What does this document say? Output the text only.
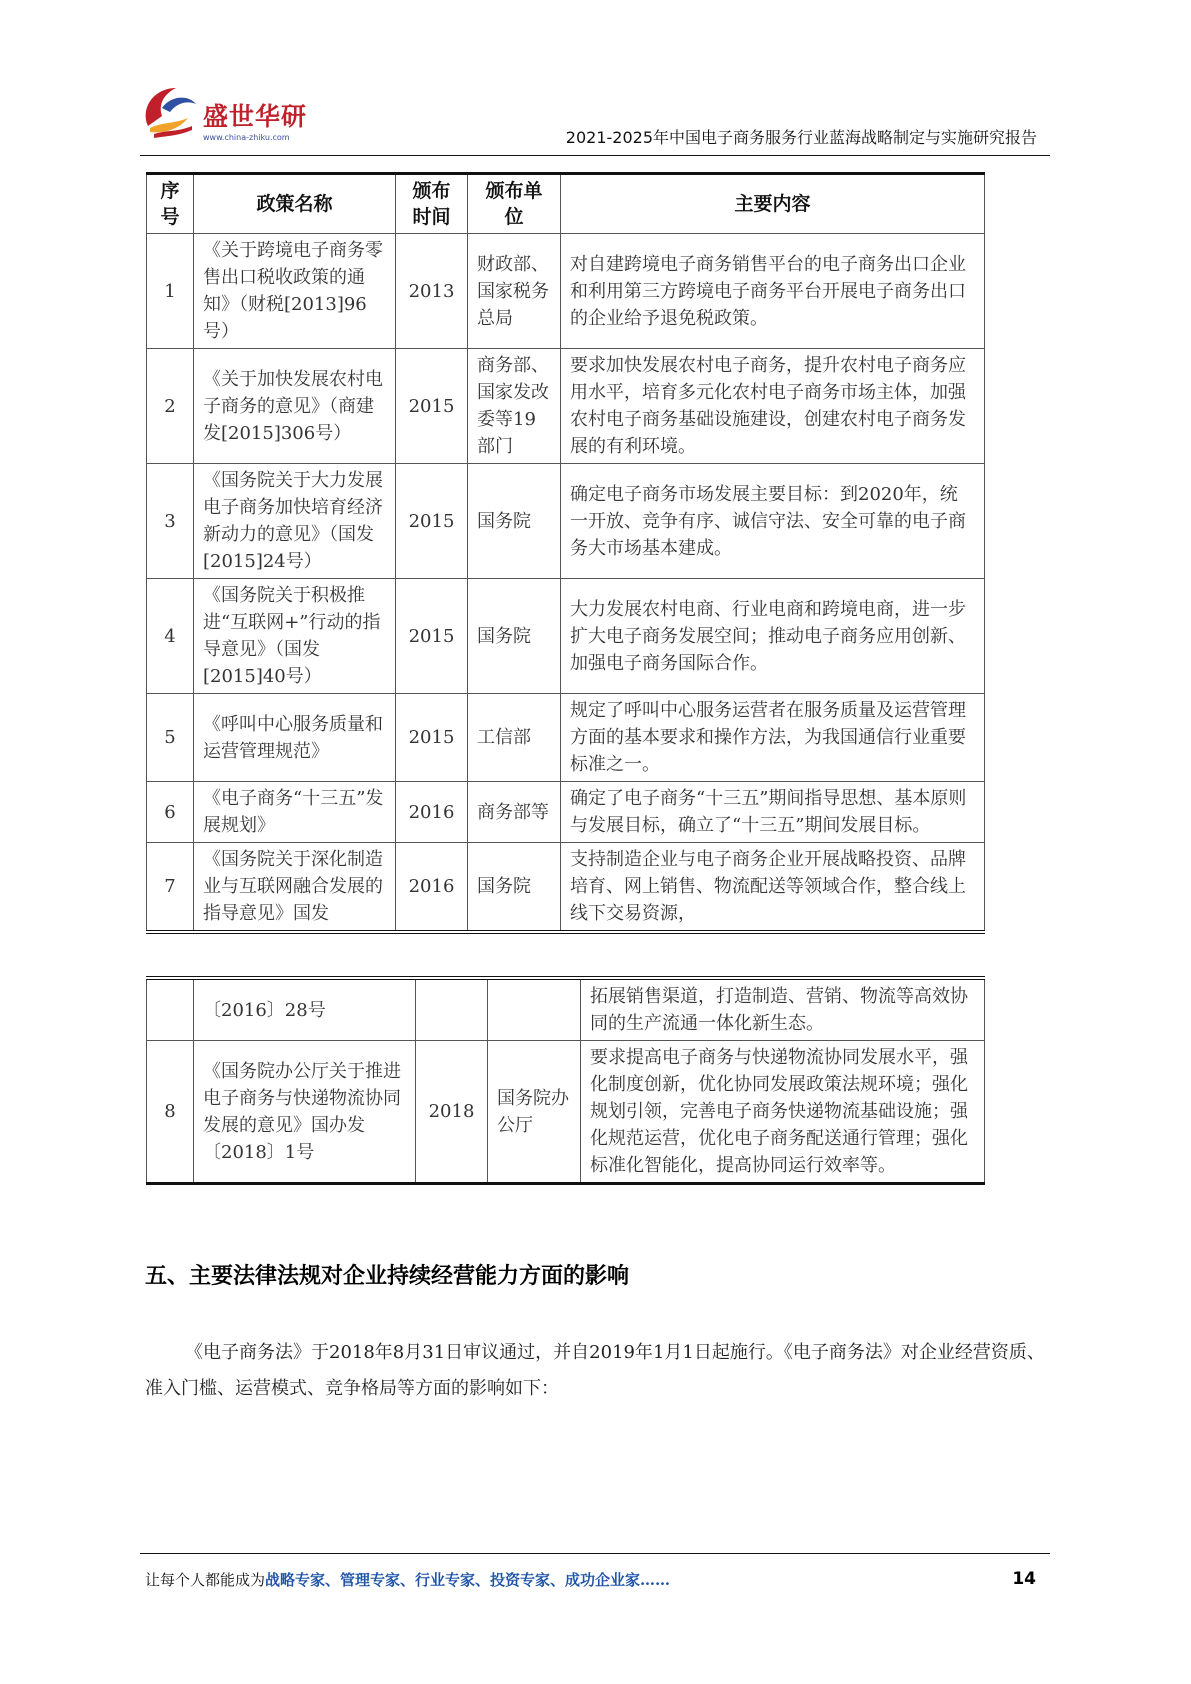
盛世华研
www.china-zhiku.com	2021-2025年中国电子商务服务行业蓝海战略制定与实施研究报告
序号	政策名称	颁布时间	颁布单位	主要内容
1	《关于跨境电子商务零售出口税收政策的通知》（财税[2013]96号）	2013	财政部、国家税务总局	对自建跨境电子商务销售平台的电子商务出口企业和利用第三方跨境电子商务平台开展电子商务出口的企业给予退免税政策。
2	《关于加快发展农村电子商务的意见》（商建发[2015]306号）	2015	商务部、国家发改委等19部门	要求加快发展农村电子商务，提升农村电子商务应用水平，培育多元化农村电子商务市场主体，加强农村电子商务基础设施建设，创建农村电子商务发展的有利环境。
3	《国务院关于大力发展电子商务加快培育经济新动力的意见》（国发[2015]24号）	2015	国务院	确定电子商务市场发展主要目标：到2020年，统一开放、竞争有序、诚信守法、安全可靠的电子商务大市场基本建成。
4	《国务院关于积极推进“互联网+”行动的指导意见》（国发[2015]40号）	2015	国务院	大力发展农村电商、行业电商和跨境电商，进一步扩大电子商务发展空间；推动电子商务应用创新、加强电子商务国际合作。
5	《呼叫中心服务质量和运营管理规范》	2015	工信部	规定了呼叫中心服务运营者在服务质量及运营管理方面的基本要求和操作方法，为我国通信行业重要标准之一。
6	《电子商务“十三五”发展规划》	2016	商务部等	确定了电子商务“十三五”期间指导思想、基本原则与发展目标，确立了“十三五”期间发展目标。
7	《国务院关于深化制造业与互联网融合发展的指导意见》国发	2016	国务院	支持制造企业与电子商务企业开展战略投资、品牌培育、网上销售、物流配送等领域合作，整合线上线下交易资源，
	〔2016〕28号			拓展销售渠道，打造制造、营销、物流等高效协同的生产流通一体化新生态。
8	《国务院办公厅关于推进电子商务与快递物流协同发展的意见》国办发〔2018〕1号	2018	国务院办公厅	要求提高电子商务与快递物流协同发展水平，强化制度创新，优化协同发展政策法规环境；强化规划引领，完善电子商务快递物流基础设施；强化规范运营，优化电子商务配送通行管理；强化标准化智能化，提高协同运行效率等。
五、主要法律法规对企业持续经营能力方面的影响

《电子商务法》于2018年8月31日审议通过，并自2019年1月1日起施行。《电子商务法》对企业经营资质、准入门槛、运营模式、竞争格局等方面的影响如下：

让每个人都能成为战略专家、管理专家、行业专家、投资专家、成功企业家……	14
